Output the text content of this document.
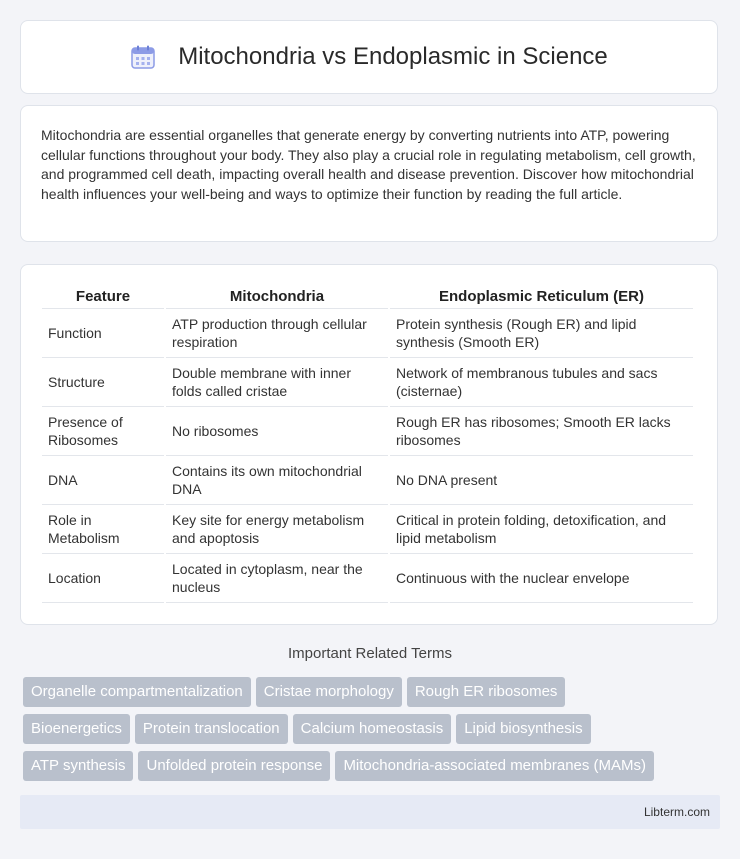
Mitochondria vs Endoplasmic in Science

Mitochondria are essential organelles that generate energy by converting nutrients into ATP, powering cellular functions throughout your body. They also play a crucial role in regulating metabolism, cell growth, and programmed cell death, impacting overall health and disease prevention. Discover how mitochondrial health influences your well-being and ways to optimize their function by reading the full article.

Feature	Mitochondria	Endoplasmic Reticulum (ER)
Function	ATP production through cellular respiration	Protein synthesis (Rough ER) and lipid synthesis (Smooth ER)
Structure	Double membrane with inner folds called cristae	Network of membranous tubules and sacs (cisternae)
Presence of Ribosomes	No ribosomes	Rough ER has ribosomes; Smooth ER lacks ribosomes
DNA	Contains its own mitochondrial DNA	No DNA present
Role in Metabolism	Key site for energy metabolism and apoptosis	Critical in protein folding, detoxification, and lipid metabolism
Location	Located in cytoplasm, near the nucleus	Continuous with the nuclear envelope
Important Related Terms
Organelle compartmentalization Cristae morphology Rough ER ribosomes
Bioenergetics Protein translocation Calcium homeostasis Lipid biosynthesis
ATP synthesis Unfolded protein response Mitochondria-associated membranes (MAMs)
Libterm.com
